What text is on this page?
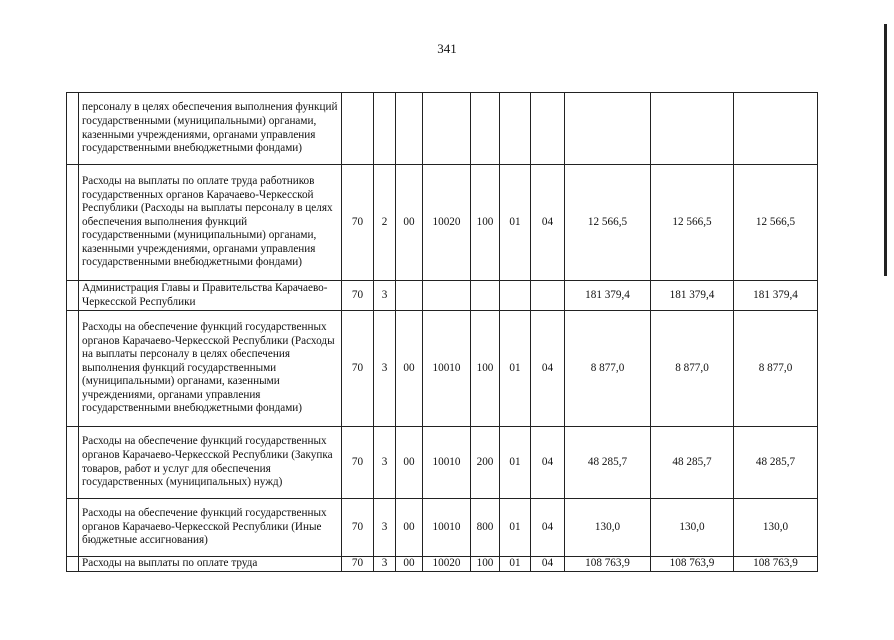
341
	персоналу в целях обеспечения выполнения функций государственными (муниципальными) органами, казенными учреждениями, органами управления государственными внебюджетными фондами)										
	Расходы на выплаты по оплате труда работников государственных органов Карачаево-Черкесской Республики (Расходы на выплаты персоналу в целях обеспечения выполнения функций государственными (муниципальными) органами, казенными учреждениями, органами управления государственными внебюджетными фондами)	70	2	00	10020	100	01	04	12 566,5	12 566,5	12 566,5
	Администрация Главы и Правительства Карачаево-Черкесской Республики	70	3						181 379,4	181 379,4	181 379,4
	Расходы на обеспечение функций государственных органов Карачаево-Черкесской Республики (Расходы на выплаты персоналу в целях обеспечения выполнения функций государственными (муниципальными) органами, казенными учреждениями, органами управления государственными внебюджетными фондами)	70	3	00	10010	100	01	04	8 877,0	8 877,0	8 877,0
	Расходы на обеспечение функций государственных органов Карачаево-Черкесской Республики (Закупка товаров, работ и услуг для обеспечения государственных (муниципальных) нужд)	70	3	00	10010	200	01	04	48 285,7	48 285,7	48 285,7
	Расходы на обеспечение функций государственных органов Карачаево-Черкесской Республики (Иные бюджетные ассигнования)	70	3	00	10010	800	01	04	130,0	130,0	130,0
	Расходы на выплаты по оплате труда	70	3	00	10020	100	01	04	108 763,9	108 763,9	108 763,9
